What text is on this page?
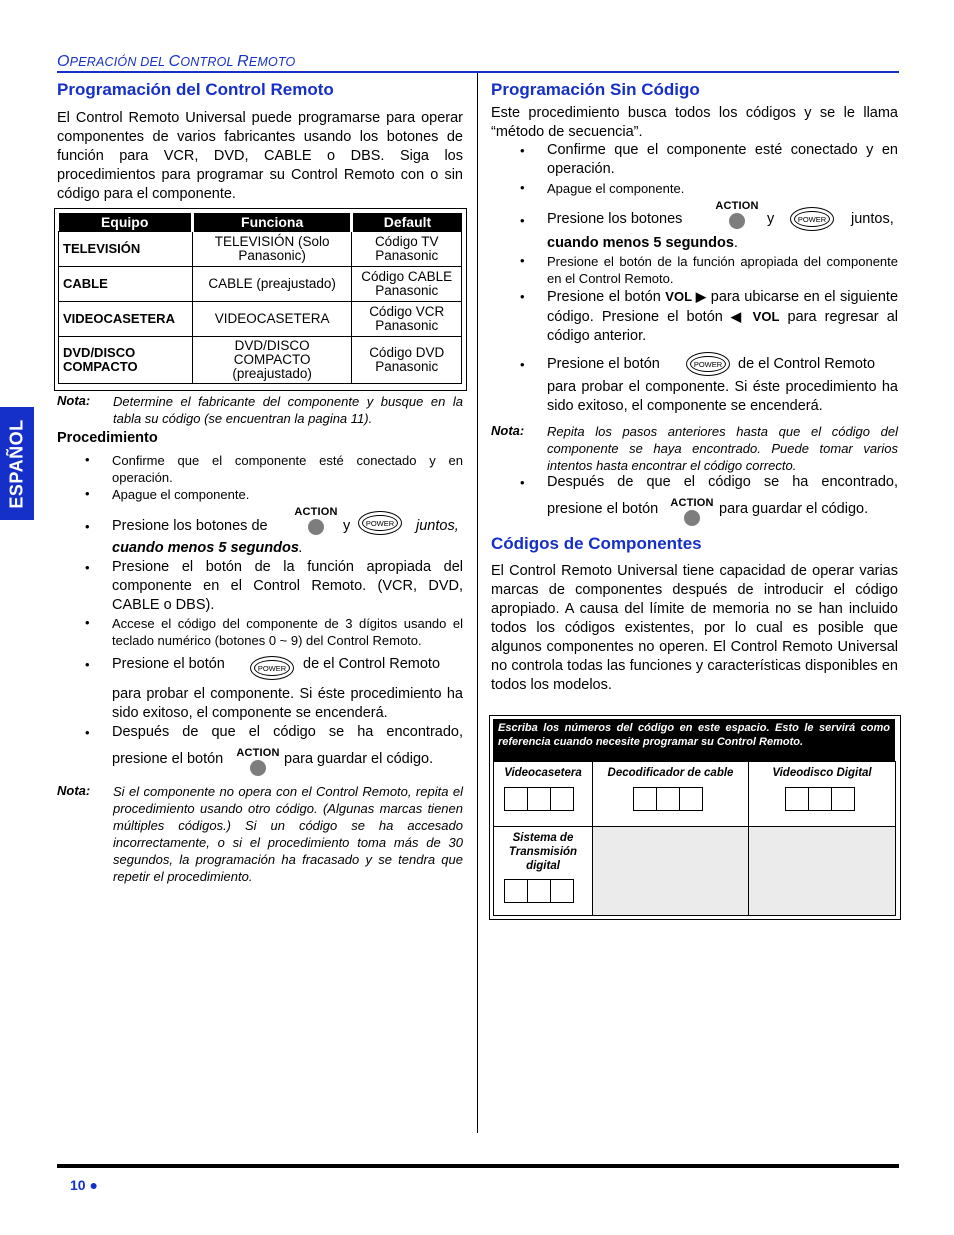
OPERACIÓN DEL CONTROL REMOTO
ESPAÑOL
Programación del Control Remoto
El Control Remoto Universal puede programarse para operar componentes de varios fabricantes usando los botones de función para VCR, DVD, CABLE o DBS. Siga los procedimientos para programar su Control Remoto con o sin código para el componente.
Equipo	Funciona	Default
TELEVISIÓN	TELEVISIÓN (Solo Panasonic)	Código TV Panasonic
CABLE	CABLE (preajustado)	Código CABLE Panasonic
VIDEOCASETERA	VIDEOCASETERA	Código VCR Panasonic
DVD/DISCO COMPACTO	DVD/DISCO COMPACTO (preajustado)	Código DVD Panasonic
Nota: Determine el fabricante del componente y busque en la tabla su código (se encuentran la pagina 11).
Procedimiento
• Confirme que el componente esté conectado y en operación.
• Apague el componente.
• Presione los botones de
ACTION
y	POWER juntos,
cuando menos 5 segundos.
• Presione el botón de la función apropiada del componente en el Control Remoto. (VCR, DVD, CABLE o DBS).
• Accese el código del componente de 3 dígitos usando el teclado numérico (botones 0 ~ 9) del Control Remoto.
• Presione el botón	POWER de el Control Remoto
para probar el componente. Si éste procedimiento ha sido exitoso, el componente se encenderá.
• Después de que el código se ha encontrado,
presione el botón ACTION para guardar el código.
Nota: Si el componente no opera con el Control Remoto, repita el procedimiento usando otro código. (Algunas marcas tienen múltiples códigos.) Si un código se ha accesado incorrectamente, o si el procedimiento toma más de 30 segundos, la programación ha fracasado y se tendra que repetir el procedimiento.
Programación Sin Código
Este procedimiento busca todos los códigos y se le llama “método de secuencia”.
• Confirme que el componente esté conectado y en operación.
• Apague el componente.
• Presione los botones
ACTION
y	POWER juntos,
cuando menos 5 segundos.
• Presione el botón de la función apropiada del componente en el Control Remoto.
• Presione el botón VOL ▶ para ubicarse en el siguiente código. Presione el botón ◀ VOL para regresar al código anterior.
• Presione el botón	POWER de el Control Remoto
para probar el componente. Si éste procedimiento ha sido exitoso, el componente se encenderá.
Nota: Repita los pasos anteriores hasta que el código del componente se haya encontrado. Puede tomar varios intentos hasta encontrar el código correcto.
• Después de que el código se ha encontrado,
presione el botón ACTION para guardar el código.
Códigos de Componentes
El Control Remoto Universal tiene capacidad de operar varias marcas de componentes después de introducir el código apropiado. A causa del límite de memoria no se han incluido todos los códigos existentes, por lo cual es posible que algunos componentes no operen. El Control Remoto Universal no controla todas las funciones y características disponibles en todos los modelos.
Escriba los números del código en este espacio. Esto le servirá como referencia cuando necesite programar su Control Remoto.
Videocasetera	Decodificador de cable	Videodisco Digital
Sistema de Transmisión digital
10 ●
